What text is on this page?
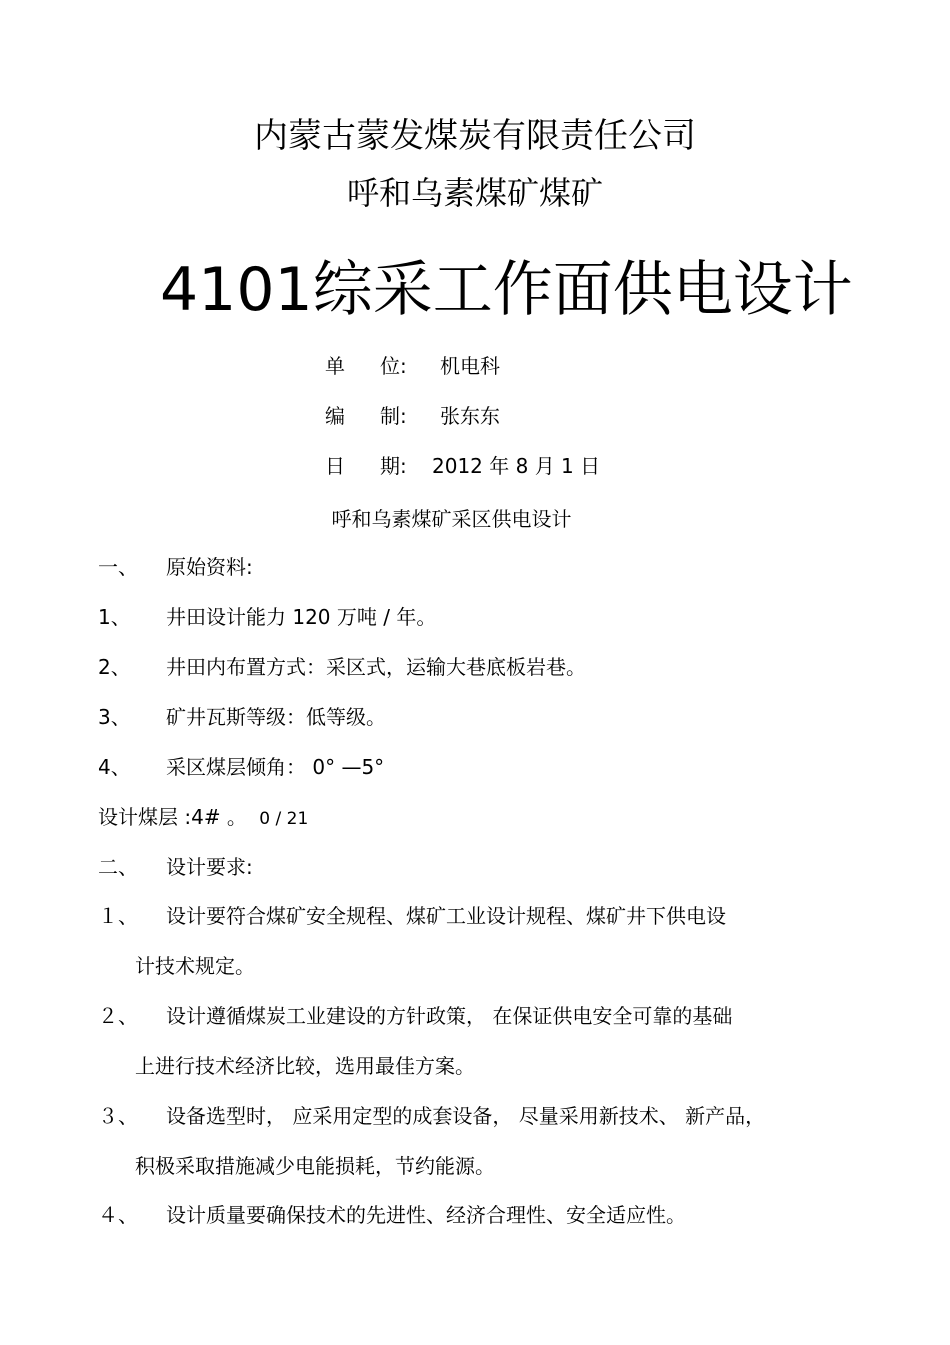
内蒙古蒙发煤炭有限责任公司
呼和乌素煤矿煤矿
4101综采工作面供电设计
单 位: 机电科
编 制: 张东东
日 期: 2012 年 8 月 1 日
呼和乌素煤矿采区供电设计
一、 原始资料:
1、 井田设计能力 120 万吨 / 年。
2、 井田内布置方式：采区式，运输大巷底板岩巷。
3、 矿井瓦斯等级：低等级。
4、 采区煤层倾角： 0° —5°
设计煤层 :4# 。 0 / 21
二、 设计要求:
１、 设计要符合煤矿安全规程、煤矿工业设计规程、煤矿井下供电设
计技术规定。
２、 设计遵循煤炭工业建设的方针政策， 在保证供电安全可靠的基础
上进行技术经济比较，选用最佳方案。
３、 设备选型时， 应采用定型的成套设备， 尽量采用新技术、 新产品，
积极采取措施减少电能损耗，节约能源。
４、 设计质量要确保技术的先进性、经济合理性、安全适应性。
